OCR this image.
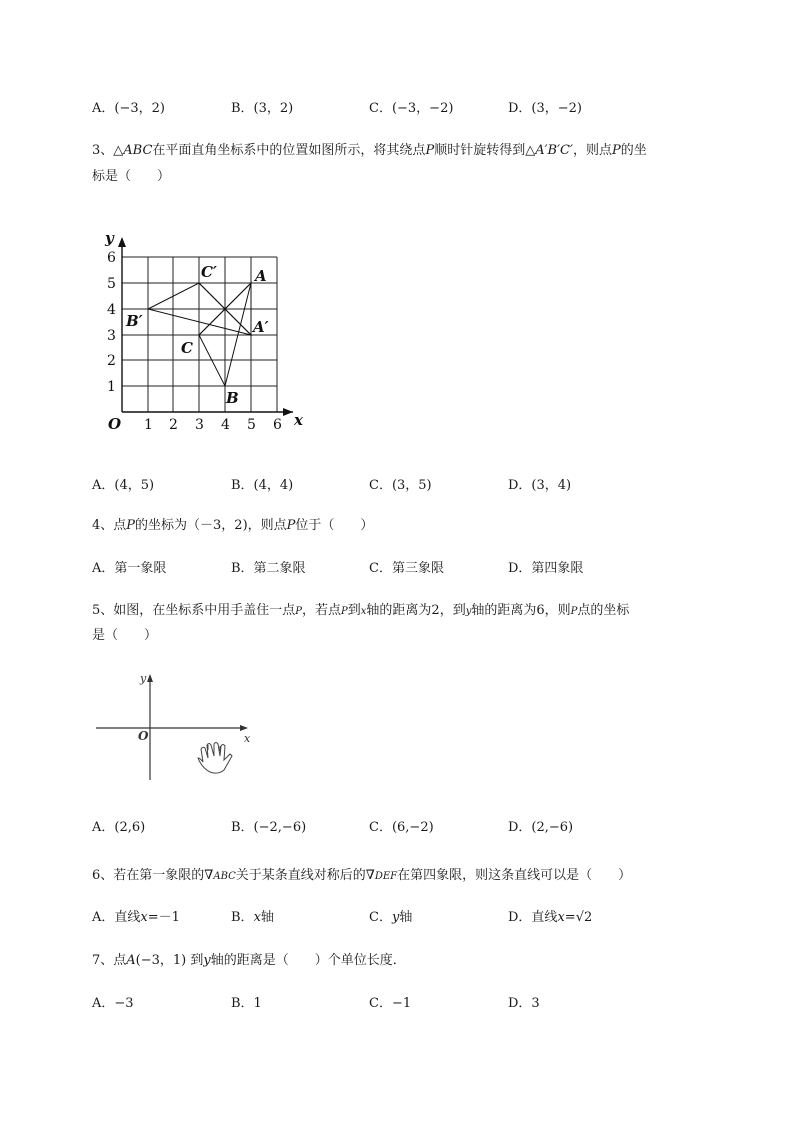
A．(−3，2)	B．(3，2)	C．(−3，−2)	D．(3，−2)
3、△ABC在平面直角坐标系中的位置如图所示，将其绕点P顺时针旋转得到△A′B′C′，则点P的坐
标是（　　）
y
x
O 1 2 3 4 5 6
1
2
3
4
5
6
A
B
C
A′
B′
C′
A．(4，5)	B．(4，4)	C．(3，5)	D．(3，4)
4、点P的坐标为（－3，2)，则点P位于（　　）
A．第一象限	B．第二象限	C．第三象限	D．第四象限
5、如图，在坐标系中用手盖住一点P，若点P到x轴的距离为2，到y轴的距离为6，则P点的坐标
是（　　）
y
x
O
A．(2,6)	B．(−2,−6)	C．(6,−2)	D．(2,−6)
6、若在第一象限的∇ABC关于某条直线对称后的∇DEF在第四象限，则这条直线可以是（　　）
A．直线x=－1	B．x轴	C．y轴	D．直线x=√2
7、点A(−3，1) 到y轴的距离是（　　）个单位长度．
A．−3	B．1	C．−1	D．3
